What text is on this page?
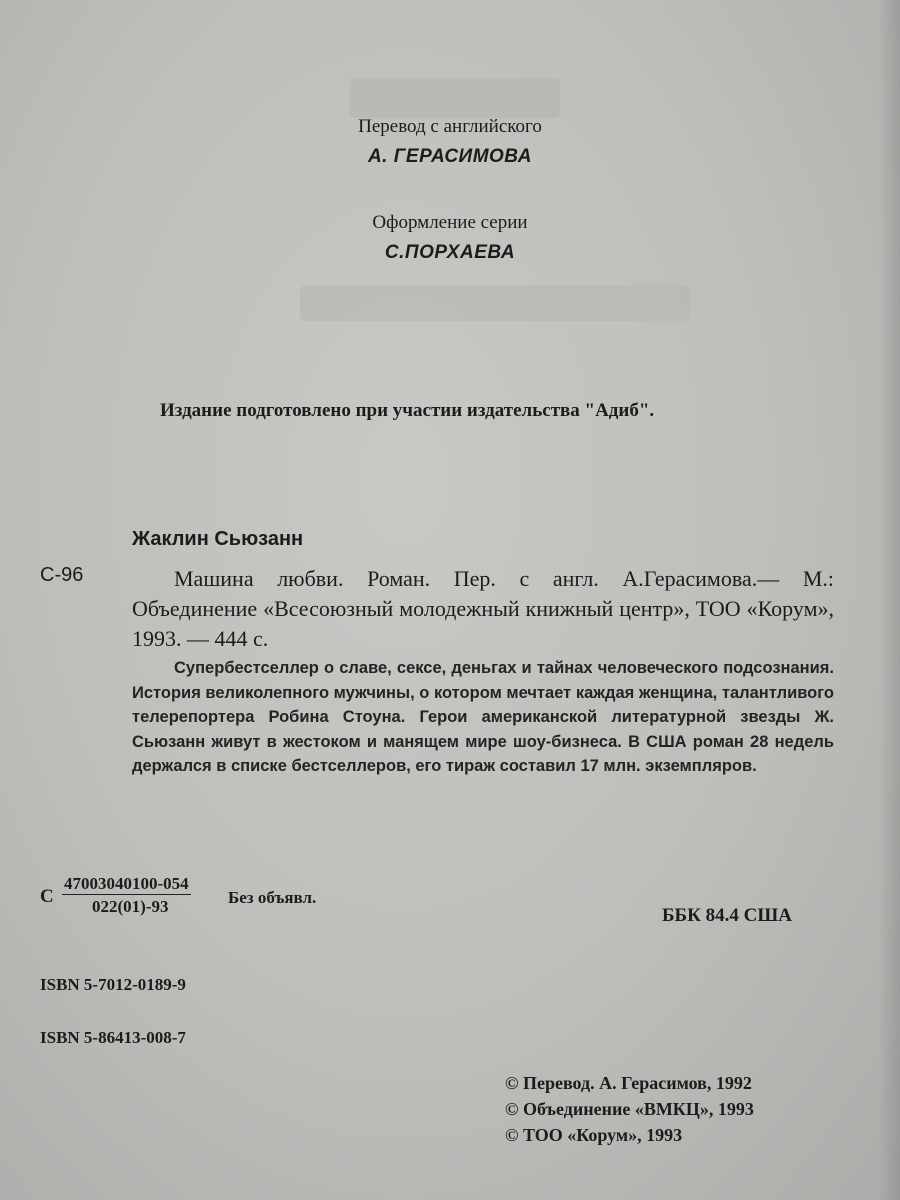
Перевод с английского
А. ГЕРАСИМОВА
Оформление серии
С.ПОРХАЕВА
Издание подготовлено при участии издательства "Адиб".
Жаклин Сьюзанн
С-96	Машина любви. Роман. Пер. с англ. А.Герасимова.— М.: Объединение «Всесоюзный молодежный книжный центр», ТОО «Корум», 1993. — 444 с.
Супербестселлер о славе, сексе, деньгах и тайнах человеческого подсознания. История великолепного мужчины, о котором мечтает каждая женщина, талантливого телерепортера Робина Стоуна. Герои американской литературной звезды Ж. Сьюзанн живут в жестоком и манящем мире шоу-бизнеса. В США роман 28 недель держался в списке бестселлеров, его тираж составил 17 млн. экземпляров.
С $\frac{47003040100-054}{022(01)-93}$ Без объявл.
ББК 84.4 США
ISBN 5-7012-0189-9
ISBN 5-86413-008-7
© Перевод. А. Герасимов, 1992
© Объединение «ВМКЦ», 1993
© ТОО «Корум», 1993
